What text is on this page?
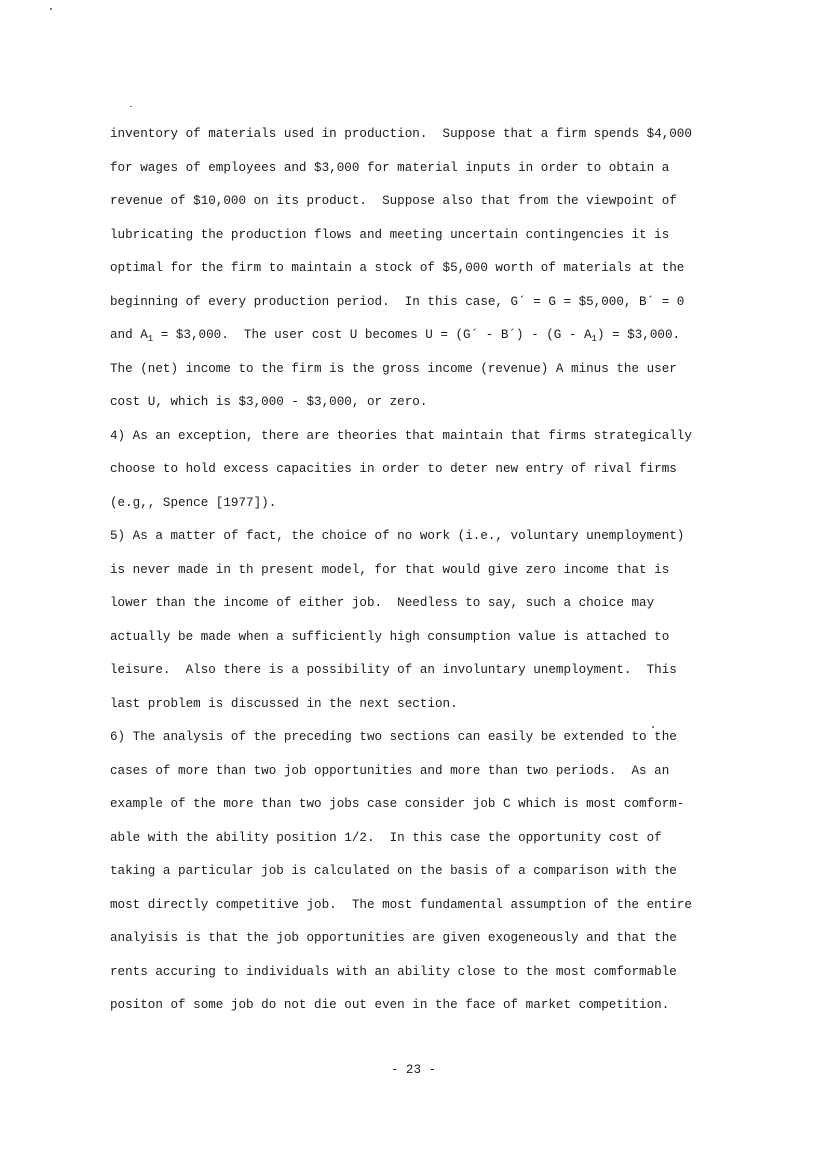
inventory of materials used in production.  Suppose that a firm spends $4,000
for wages of employees and $3,000 for material inputs in order to obtain a
revenue of $10,000 on its product.  Suppose also that from the viewpoint of
lubricating the production flows and meeting uncertain contingencies it is
optimal for the firm to maintain a stock of $5,000 worth of materials at the
beginning of every production period.  In this case, G´ = G = $5,000, B´ = 0
and $A_1$ = $3,000.  The user cost U becomes U = (G´ - B´) - $(G - A_1)$ = $3,000.
The (net) income to the firm is the gross income (revenue) A minus the user
cost U, which is $3,000 - $3,000, or zero.
4) As an exception, there are theories that maintain that firms strategically
choose to hold excess capacities in order to deter new entry of rival firms
(e.g,, Spence [1977]).
5) As a matter of fact, the choice of no work (i.e., voluntary unemployment)
is never made in th present model, for that would give zero income that is
lower than the income of either job.  Needless to say, such a choice may
actually be made when a sufficiently high consumption value is attached to
leisure.  Also there is a possibility of an involuntary unemployment.  This
last problem is discussed in the next section.
6) The analysis of the preceding two sections can easily be extended to the
cases of more than two job opportunities and more than two periods.  As an
example of the more than two jobs case consider job C which is most comform-
able with the ability position 1/2.  In this case the opportunity cost of
taking a particular job is calculated on the basis of a comparison with the
most directly competitive job.  The most fundamental assumption of the entire
analyisis is that the job opportunities are given exogeneously and that the
rents accuring to individuals with an ability close to the most comformable
positon of some job do not die out even in the face of market competition.
- 23 -
